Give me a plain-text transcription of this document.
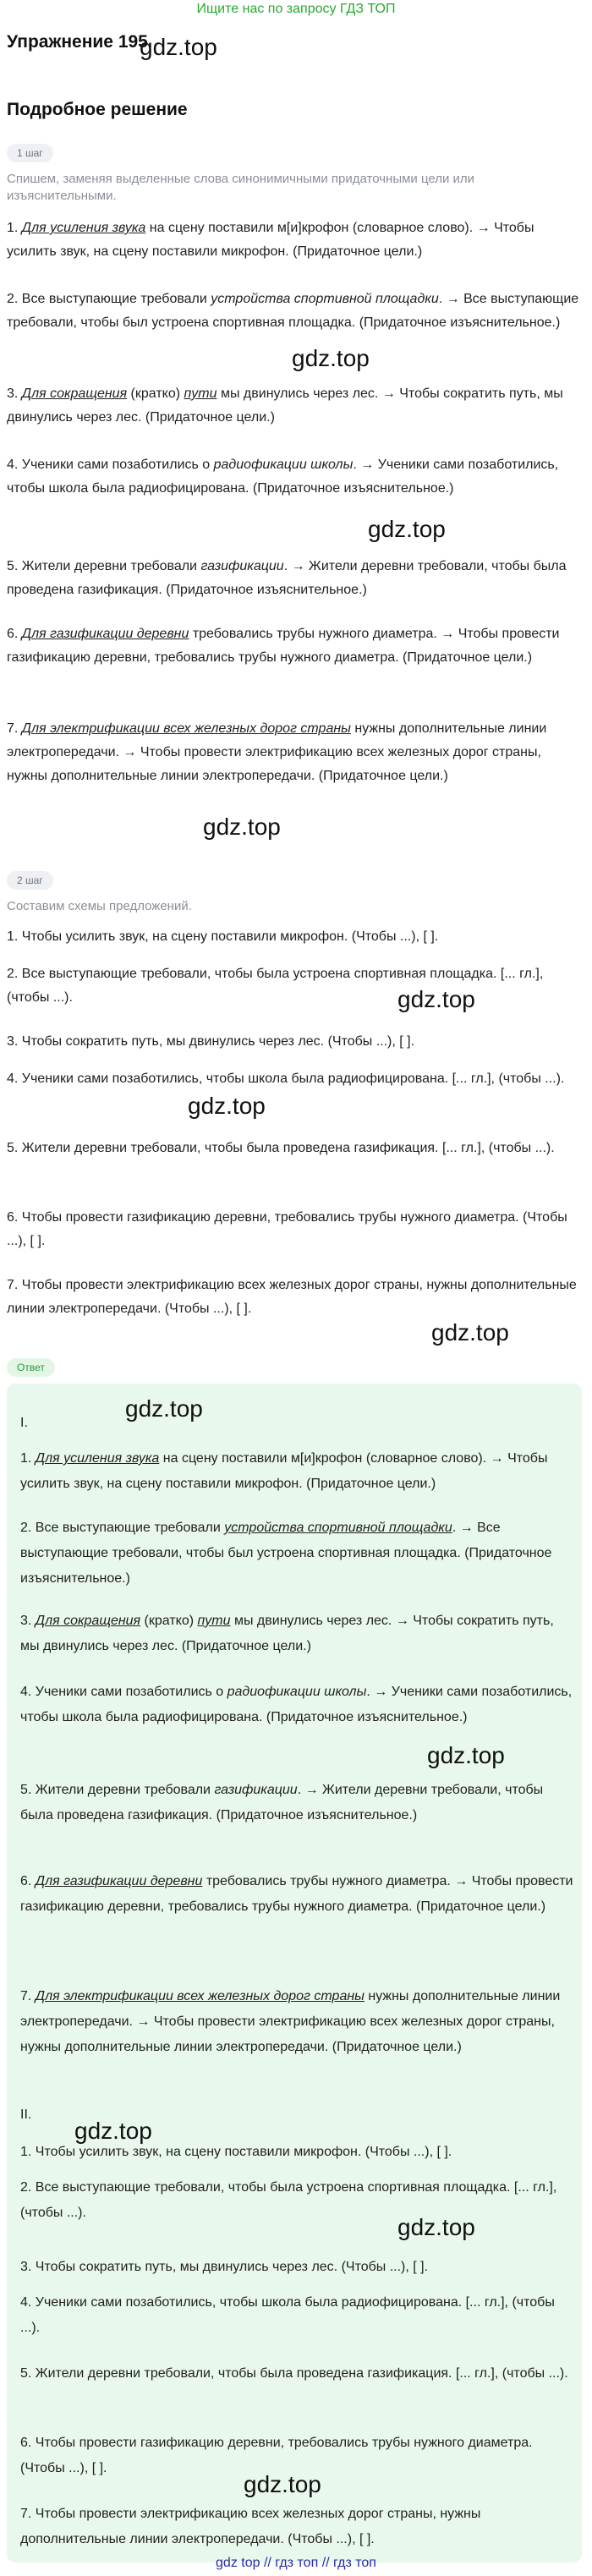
Ищите нас по запросу ГДЗ ТОП
Упражнение 195
gdz.top
Подробное решение
1 шаг

Спишем, заменяя выделенные слова синонимичными придаточными цели или изъяснительными.

1. Для усиления звука на сцену поставили м[и]крофон (словарное слово). → Чтобы усилить звук, на сцену поставили микрофон. (Придаточное цели.)

2. Все выступающие требовали устройства спортивной площадки. → Все выступающие требовали, чтобы был устроена спортивная площадка. (Придаточное изъяснительное.)

gdz.top

3. Для сокращения (кратко) пути мы двинулись через лес. → Чтобы сократить путь, мы двинулись через лес. (Придаточное цели.)

4. Ученики сами позаботились о радиофикации школы. → Ученики сами позаботились, чтобы школа была радиофицирована. (Придаточное изъяснительное.)

gdz.top

5. Жители деревни требовали газификации. → Жители деревни требовали, чтобы была проведена газификация. (Придаточное изъяснительное.)

6. Для газификации деревни требовались трубы нужного диаметра. → Чтобы провести газификацию деревни, требовались трубы нужного диаметра. (Придаточное цели.)

7. Для электрификации всех железных дорог страны нужны дополнительные линии электропередачи. → Чтобы провести электрификацию всех железных дорог страны, нужны дополнительные линии электропередачи. (Придаточное цели.)

gdz.top
2 шаг

Составим схемы предложений.

1. Чтобы усилить звук, на сцену поставили микрофон. (Чтобы ...), [ ].

2. Все выступающие требовали, чтобы была устроена спортивная площадка. [... гл.], (чтобы ...).	gdz.top

3. Чтобы сократить путь, мы двинулись через лес. (Чтобы ...), [ ].

4. Ученики сами позаботились, чтобы школа была радиофицирована. [... гл.], (чтобы ...).

gdz.top

5. Жители деревни требовали, чтобы была проведена газификация. [... гл.], (чтобы ...).

6. Чтобы провести газификацию деревни, требовались трубы нужного диаметра. (Чтобы ...), [ ].

7. Чтобы провести электрификацию всех железных дорог страны, нужны дополнительные линии электропередачи. (Чтобы ...), [ ].

gdz.top
Ответ
I.
gdz.top

1. Для усиления звука на сцену поставили м[и]крофон (словарное слово). → Чтобы усилить звук, на сцену поставили микрофон. (Придаточное цели.)

2. Все выступающие требовали устройства спортивной площадки. → Все выступающие требовали, чтобы был устроена спортивная площадка. (Придаточное изъяснительное.)

3. Для сокращения (кратко) пути мы двинулись через лес. → Чтобы сократить путь, мы двинулись через лес. (Придаточное цели.)

4. Ученики сами позаботились о радиофикации школы. → Ученики сами позаботились, чтобы школа была радиофицирована. (Придаточное изъяснительное.)

gdz.top

5. Жители деревни требовали газификации. → Жители деревни требовали, чтобы была проведена газификация. (Придаточное изъяснительное.)

6. Для газификации деревни требовались трубы нужного диаметра. → Чтобы провести газификацию деревни, требовались трубы нужного диаметра. (Придаточное цели.)

7. Для электрификации всех железных дорог страны нужны дополнительные линии электропередачи. → Чтобы провести электрификацию всех железных дорог страны, нужны дополнительные линии электропередачи. (Придаточное цели.)

II.
gdz.top

1. Чтобы усилить звук, на сцену поставили микрофон. (Чтобы ...), [ ].

2. Все выступающие требовали, чтобы была устроена спортивная площадка. [... гл.], (чтобы ...).

gdz.top

3. Чтобы сократить путь, мы двинулись через лес. (Чтобы ...), [ ].

4. Ученики сами позаботились, чтобы школа была радиофицирована. [... гл.], (чтобы ...).

5. Жители деревни требовали, чтобы была проведена газификация. [... гл.], (чтобы ...).

6. Чтобы провести газификацию деревни, требовались трубы нужного диаметра. (Чтобы ...), [ ].

gdz.top

7. Чтобы провести электрификацию всех железных дорог страны, нужны дополнительные линии электропередачи. (Чтобы ...), [ ].

gdz top // гдз топ // гдз топ
